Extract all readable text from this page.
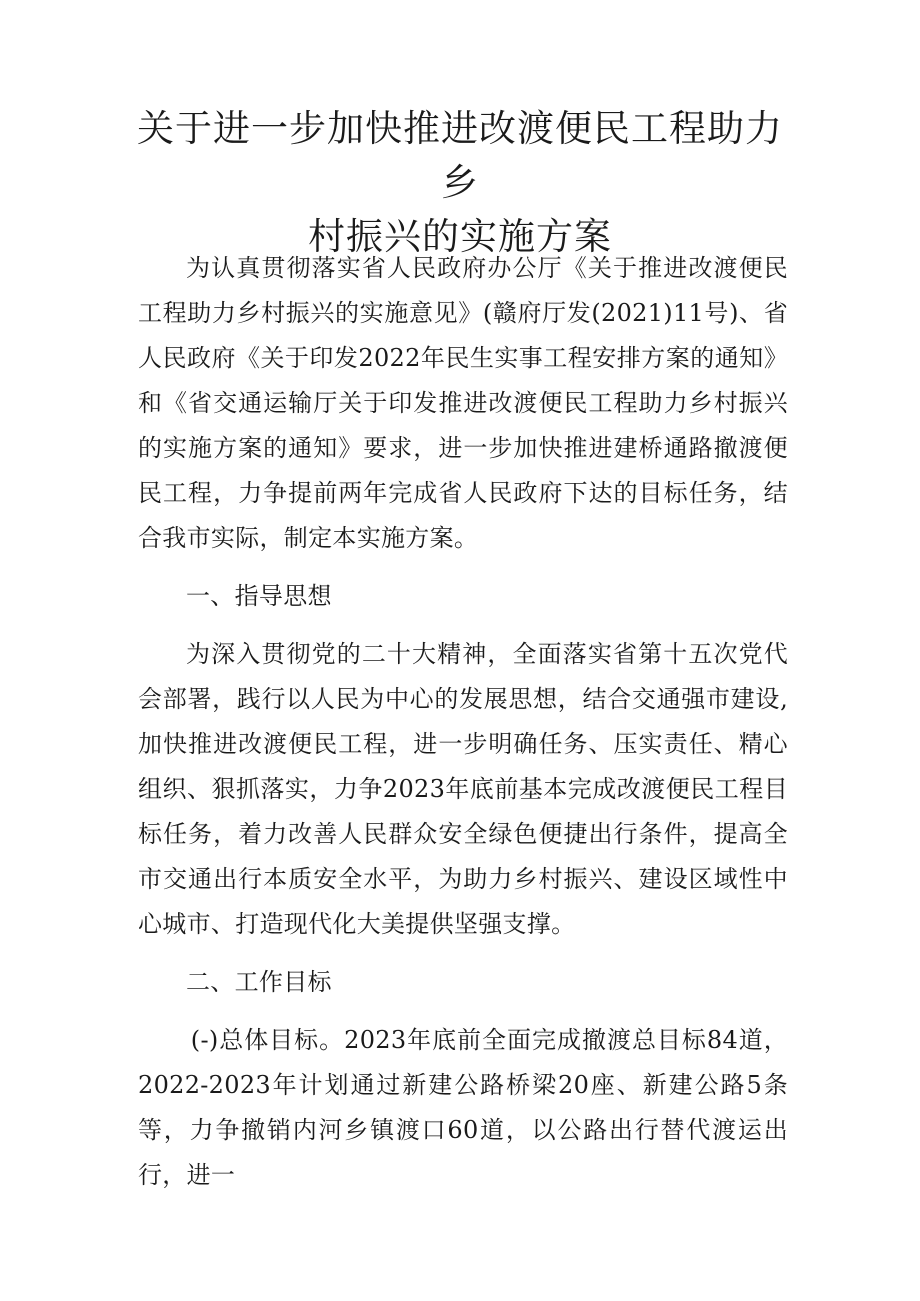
关于进一步加快推进改渡便民工程助力乡
村振兴的实施方案

为认真贯彻落实省人民政府办公厅《关于推进改渡便民工程助力乡村振兴的实施意见》(赣府厅发(2021)11号)、省人民政府《关于印发2022年民生实事工程安排方案的通知》和《省交通运输厅关于印发推进改渡便民工程助力乡村振兴的实施方案的通知》要求，进一步加快推进建桥通路撤渡便民工程，力争提前两年完成省人民政府下达的目标任务，结合我市实际，制定本实施方案。

一、指导思想

为深入贯彻党的二十大精神，全面落实省第十五次党代会部署，践行以人民为中心的发展思想，结合交通强市建设,加快推进改渡便民工程，进一步明确任务、压实责任、精心组织、狠抓落实，力争2023年底前基本完成改渡便民工程目标任务，着力改善人民群众安全绿色便捷出行条件，提高全市交通出行本质安全水平，为助力乡村振兴、建设区域性中心城市、打造现代化大美提供坚强支撑。

二、工作目标

(-)总体目标。2023年底前全面完成撤渡总目标84道，2022-2023年计划通过新建公路桥梁20座、新建公路5条等，力争撤销内河乡镇渡口60道，以公路出行替代渡运出行，进一
